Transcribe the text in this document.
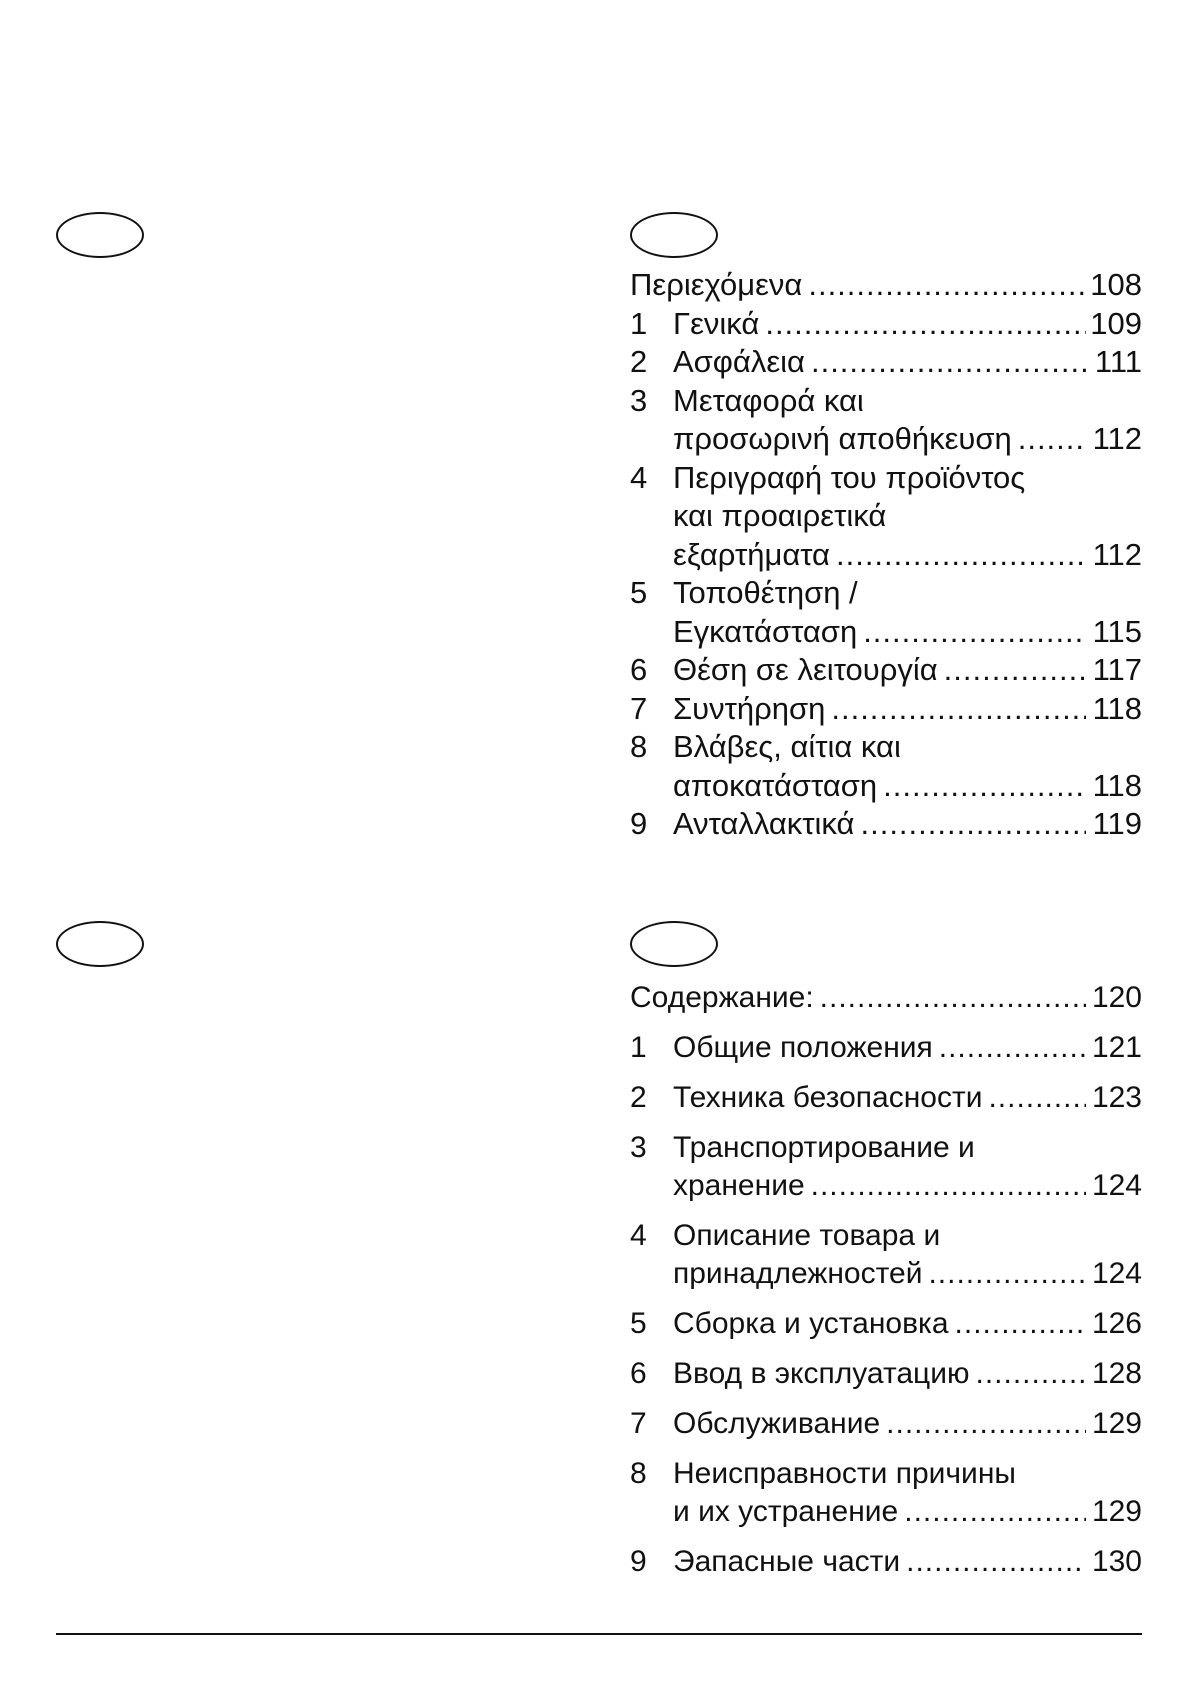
Περιεχόμενα .....	108
1 Γενικά .....	109
2 Ασφάλεια .....	111
3 Μεταφορά και
προσωρινή αποθήκευση .....	112
4 Περιγραφή του προϊόντος
και προαιρετικά
εξαρτήματα .....	112
5 Τοποθέτηση /
Εγκατάσταση .....	115
6 Θέση σε λειτουργία .....	117
7 Συντήρηση .....	118
8 Βλάβες, αίτια και
αποκατάσταση .....	118
9 Ανταλλακτικά .....	119
Содержание: .....	120
1 Общие положения .....	121
2 Техника безопасности .....	123
3 Транспортирование и
хранение .....	124
4 Описание товара и
принадлежностей .....	124
5 Сборка и установка .....	126
6 Ввод в эксплуатацию .....	128
7 Обслуживание .....	129
8 Неисправности причины
и их устранение .....	129
9 Эапасные части .....	130
